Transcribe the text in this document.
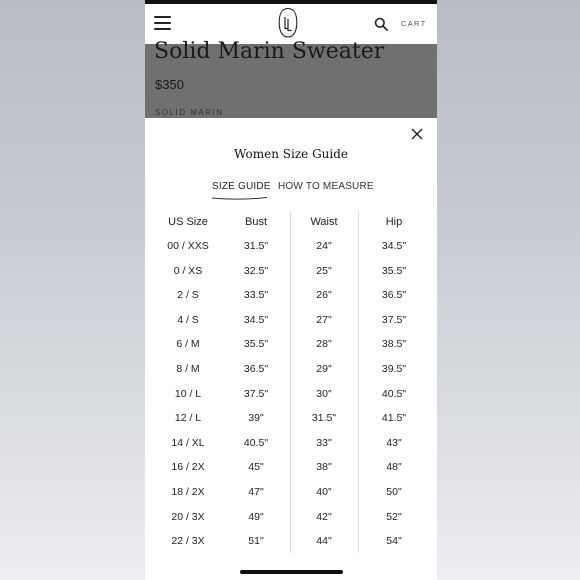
CART
Solid Marin Sweater
$350
SOLID MARIN
Women Size Guide
SIZE GUIDE HOW TO MEASURE
US Size
00 / XXS
0 / XS
2 / S
4 / S
6 / M
8 / M
10 / L
12 / L
14 / XL
16 / 2X
18 / 2X
20 / 3X
22 / 3X
Bust
31.5"
32.5"
33.5"
34.5"
35.5"
36.5"
37.5"
39"
40.5"
45"
47"
49"
51"
Waist
24"
25"
26"
27"
28"
29"
30"
31.5"
33"
38"
40"
42"
44"
Hip
34.5"
35.5"
36.5"
37.5"
38.5"
39.5"
40.5"
41.5"
43"
48"
50"
52"
54"
